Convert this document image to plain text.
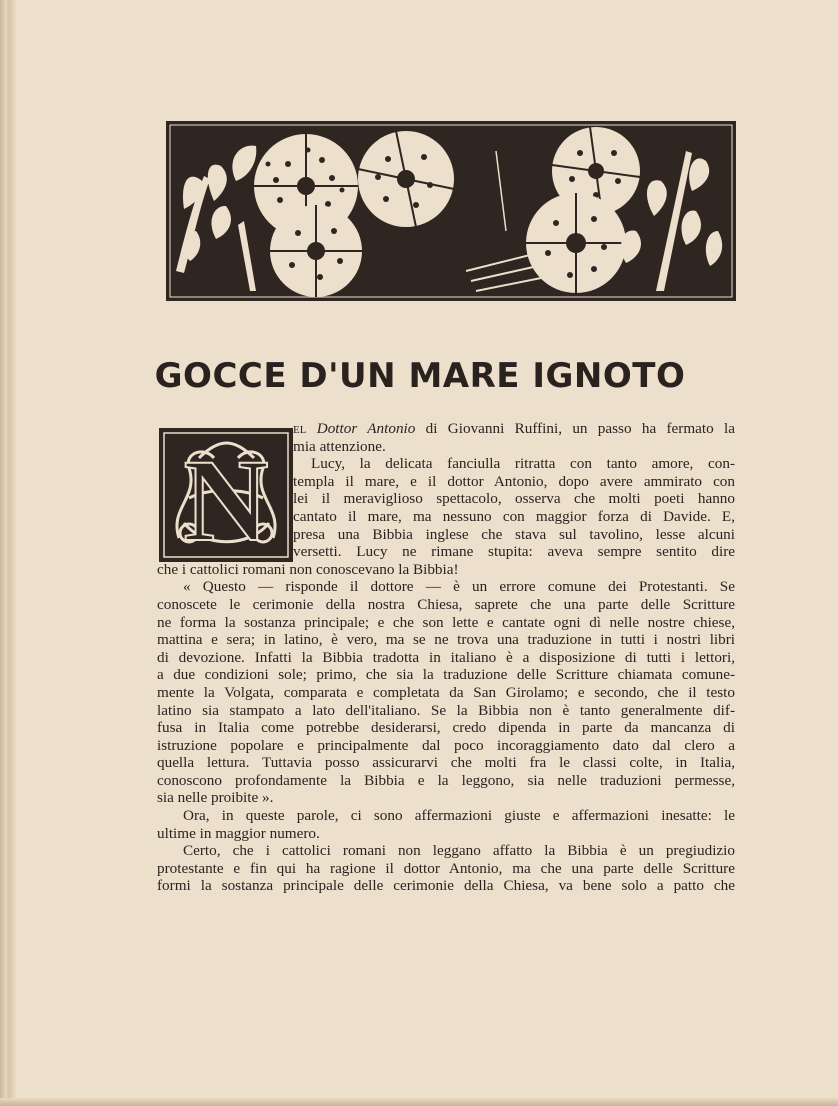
GOCCE D'UN MARE IGNOTO
N

el Dottor Antonio di Giovanni Ruffini, un passo ha fermato la
mia attenzione.

Lucy, la delicata fanciulla ritratta con tanto amore, con-
templa il mare, e il dottor Antonio, dopo avere ammirato con
lei il meraviglioso spettacolo, osserva che molti poeti hanno
cantato il mare, ma nessuno con maggior forza di Davide. E,
presa una Bibbia inglese che stava sul tavolino, lesse alcuni
versetti. Lucy ne rimane stupita: aveva sempre sentito dire
che i cattolici romani non conoscevano la Bibbia!

« Questo — risponde il dottore — è un errore comune dei Protestanti. Se
conoscete le cerimonie della nostra Chiesa, saprete che una parte delle Scritture
ne forma la sostanza principale; e che son lette e cantate ogni dì nelle nostre chiese,
mattina e sera; in latino, è vero, ma se ne trova una traduzione in tutti i nostri libri
di devozione. Infatti la Bibbia tradotta in italiano è a disposizione di tutti i lettori,
a due condizioni sole; primo, che sia la traduzione delle Scritture chiamata comune-
mente la Volgata, comparata e completata da San Girolamo; e secondo, che il testo
latino sia stampato a lato dell'italiano. Se la Bibbia non è tanto generalmente dif-
fusa in Italia come potrebbe desiderarsi, credo dipenda in parte da mancanza di
istruzione popolare e principalmente dal poco incoraggiamento dato dal clero a
quella lettura. Tuttavia posso assicurarvi che molti fra le classi colte, in Italia,
conoscono profondamente la Bibbia e la leggono, sia nelle traduzioni permesse,
sia nelle proibite ».

Ora, in queste parole, ci sono affermazioni giuste e affermazioni inesatte: le
ultime in maggior numero.

Certo, che i cattolici romani non leggano affatto la Bibbia è un pregiudizio
protestante e fin qui ha ragione il dottor Antonio, ma che una parte delle Scritture
formi la sostanza principale delle cerimonie della Chiesa, va bene solo a patto che
